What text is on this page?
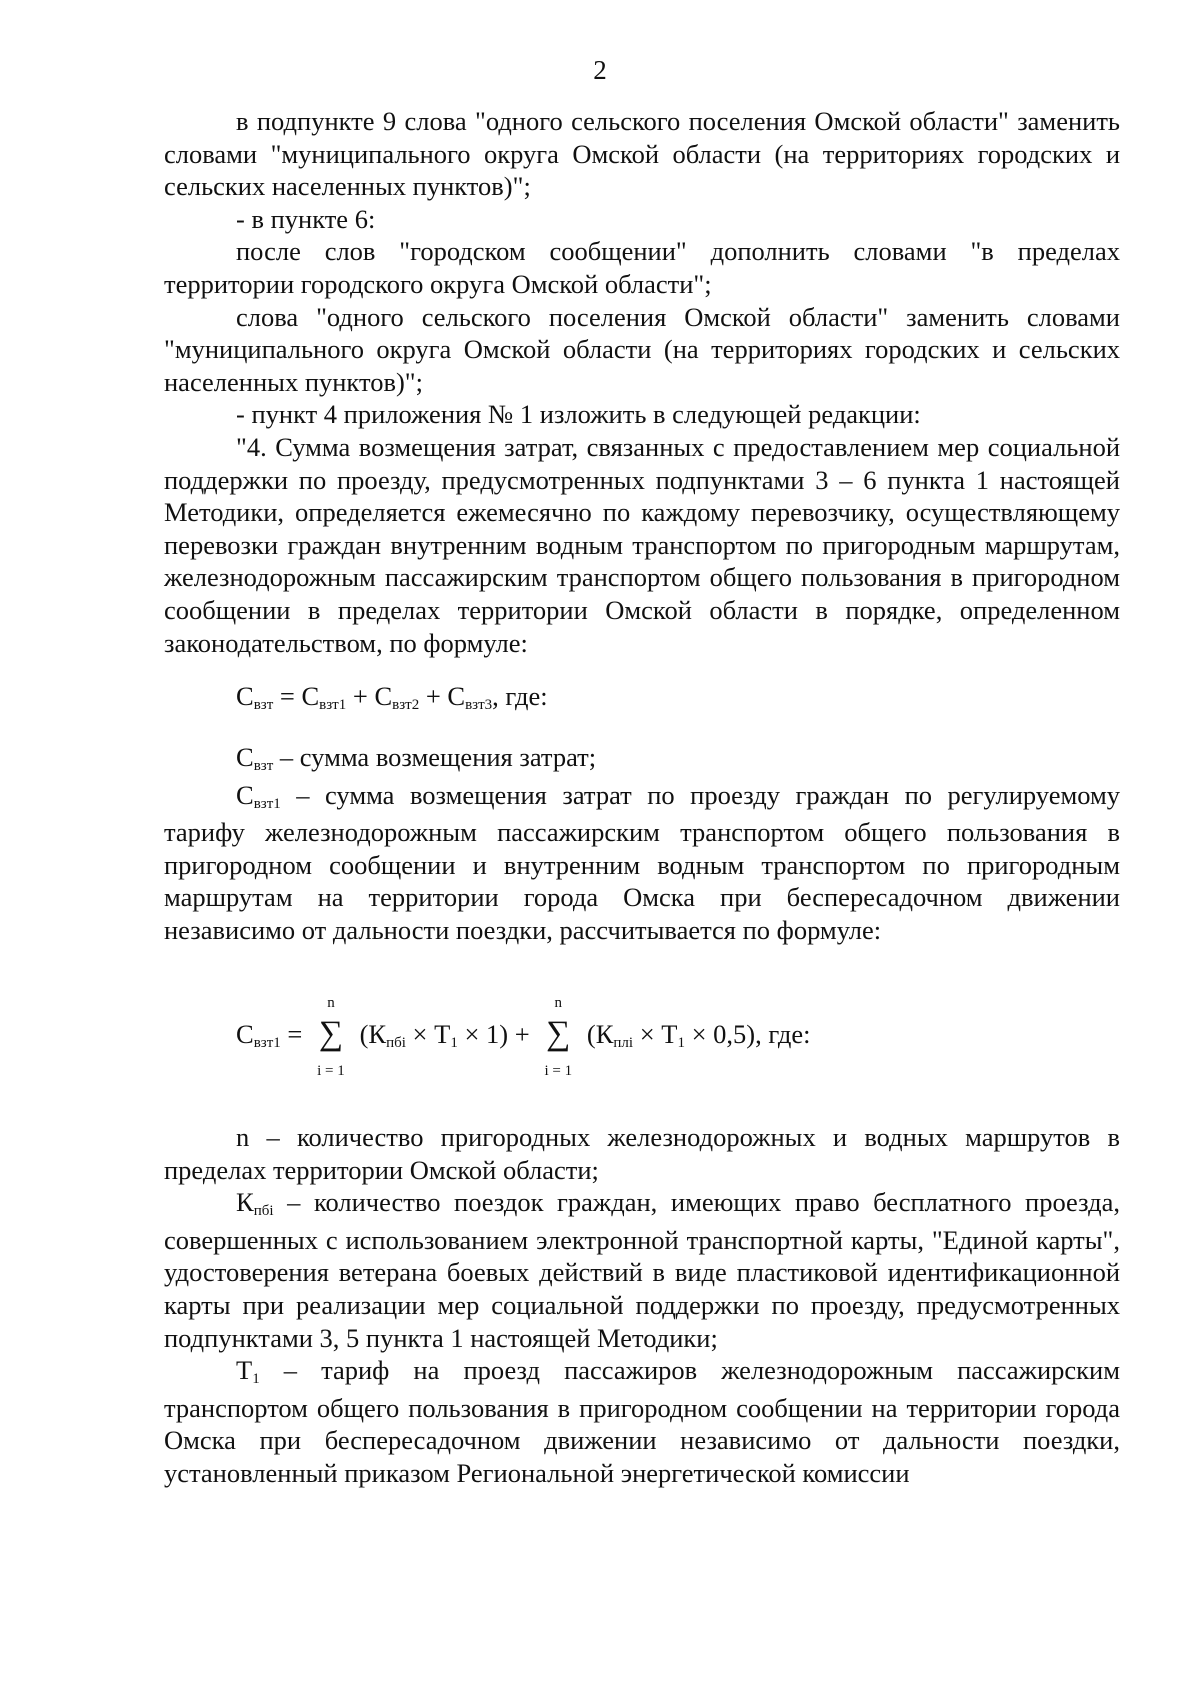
2

в подпункте 9 слова "одного сельского поселения Омской области" заменить словами "муниципального округа Омской области (на территориях городских и сельских населенных пунктов)";

- в пункте 6:

после слов "городском сообщении" дополнить словами "в пределах территории городского округа Омской области";

слова "одного сельского поселения Омской области" заменить словами "муниципального округа Омской области (на территориях городских и сельских населенных пунктов)";

- пункт 4 приложения № 1 изложить в следующей редакции:

"4. Сумма возмещения затрат, связанных с предоставлением мер социальной поддержки по проезду, предусмотренных подпунктами 3 – 6 пункта 1 настоящей Методики, определяется ежемесячно по каждому перевозчику, осуществляющему перевозки граждан внутренним водным транспортом по пригородным маршрутам, железнодорожным пассажирским транспортом общего пользования в пригородном сообщении в пределах территории Омской области в порядке, определенном законодательством, по формуле:

$С_{взт} = С_{взт1} + С_{взт2} + С_{взт3}$, где:

$С_{взт}$ – сумма возмещения затрат;

$С_{взт1}$ – сумма возмещения затрат по проезду граждан по регулируемому тарифу железнодорожным пассажирским транспортом общего пользования в пригородном сообщении и внутренним водным транспортом по пригородным маршрутам на территории города Омска при беспересадочном движении независимо от дальности поездки, рассчитывается по формуле:

$С_{взт1}$ =
n
∑
i = 1
$(К_{пбi} \times Т_1 \times 1)$ +
n
∑
i = 1
$(К_{плi} \times Т_1 \times 0,5)$, где:

n – количество пригородных железнодорожных и водных маршрутов в пределах территории Омской области;

$К_{пбi}$ – количество поездок граждан, имеющих право бесплатного проезда, совершенных с использованием электронной транспортной карты, "Единой карты", удостоверения ветерана боевых действий в виде пластиковой идентификационной карты при реализации мер социальной поддержки по проезду, предусмотренных подпунктами 3, 5 пункта 1 настоящей Методики;

$Т_1$ – тариф на проезд пассажиров железнодорожным пассажирским транспортом общего пользования в пригородном сообщении на территории города Омска при беспересадочном движении независимо от дальности поездки, установленный приказом Региональной энергетической комиссии
